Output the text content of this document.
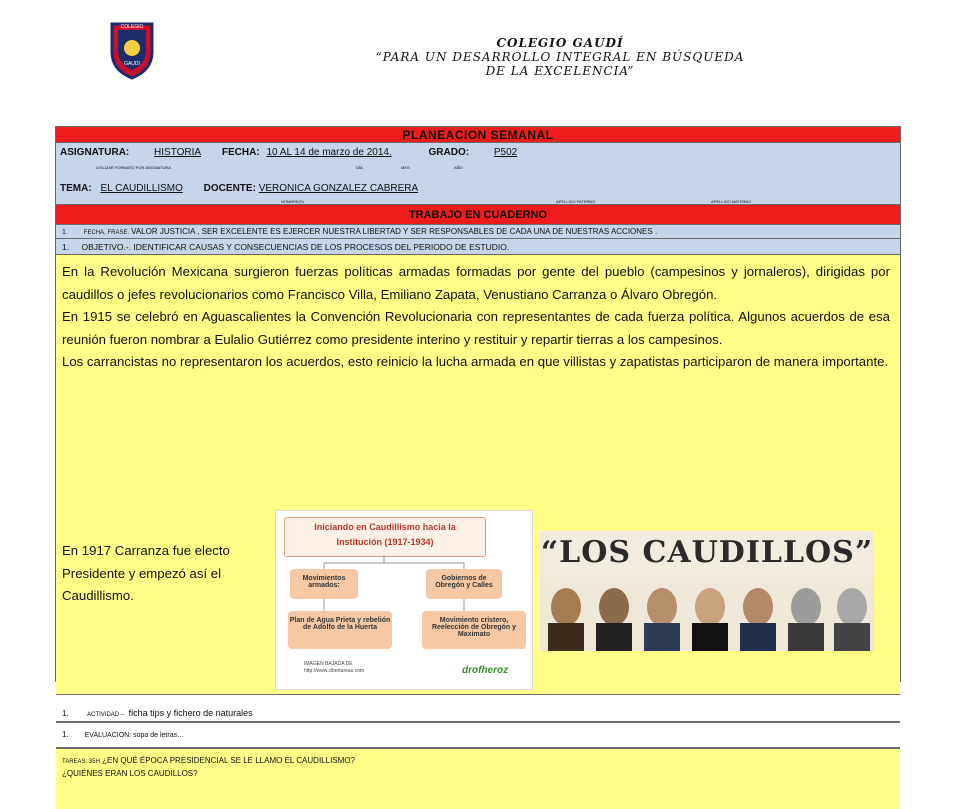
COLEGIO
GAUDI
COLEGIO GAUDÍ
“PARA UN DESARROLLO INTEGRAL EN BÚSQUEDA
DE LA EXCELENCIA”
PLANEACION SEMANAL
ASIGNATURA: HISTORIA FECHA: 10 AL 14 de marzo de 2014.	GRADO: P502
UTILIZAR FORMATO POR ASIGNATURA	DÍA	MES	AÑO
TEMA: EL CAUDILLISMO DOCENTE: VERONICA GONZALEZ CABRERA
NOMBRE(S)	APELLIDO PATERNO	APELLIDO MATERNO
TRABAJO EN CUADERNO
1.	FECHA, FRASE. VALOR JUSTICIA , SER EXCELENTE ES EJERCER NUESTRA LIBERTAD Y SER RESPONSABLES DE CADA UNA DE NUESTRAS ACCIONES .
1. OBJETIVO.-. IDENTIFICAR CAUSAS Y CONSECUENCIAS DE LOS PROCESOS DEL PERIODO DE ESTUDIO.

En la Revolución Mexicana surgieron fuerzas políticas armadas formadas por gente del pueblo (campesinos y jornaleros), dirigidas por caudillos o jefes revolucionarios como Francisco Villa, Emiliano Zapata, Venustiano Carranza o Álvaro Obregón.

En 1915 se celebró en Aguascalientes la Convención Revolucionaria con representantes de cada fuerza política. Algunos acuerdos de esa reunión fueron nombrar a Eulalio Gutiérrez como presidente interino y restituir y repartir tierras a los campesinos.

Los carrancistas no representaron los acuerdos, esto reinicio la lucha armada en que villistas y zapatistas participaron de manera importante.

En 1917 Carranza fue electo Presidente y empezó así el Caudillismo.
Iniciando en Caudillismo hacia la
Institución (1917-1934)
Movimientos armados:
Gobiernos de Obregón y Calles
Plan de Agua Prieta y rebelión de Adolfo de la Huerta
Movimiento cristero, Reelección de Obregón y Maximato
IMAGEN BAJADA DE
http://www.cibertareas.com	drofheroz
“LOS CAUDILLOS”
1.	ACTIVIDAD – ficha tips y fichero de naturales
1. EVALUACION: sopa de letras…
TAREAS: 35H ¿EN QUÉ ÉPOCA PRESIDENCIAL SE LE LLAMO EL CAUDILLISMO?
¿QUIÉNES ERAN LOS CAUDILLOS?
